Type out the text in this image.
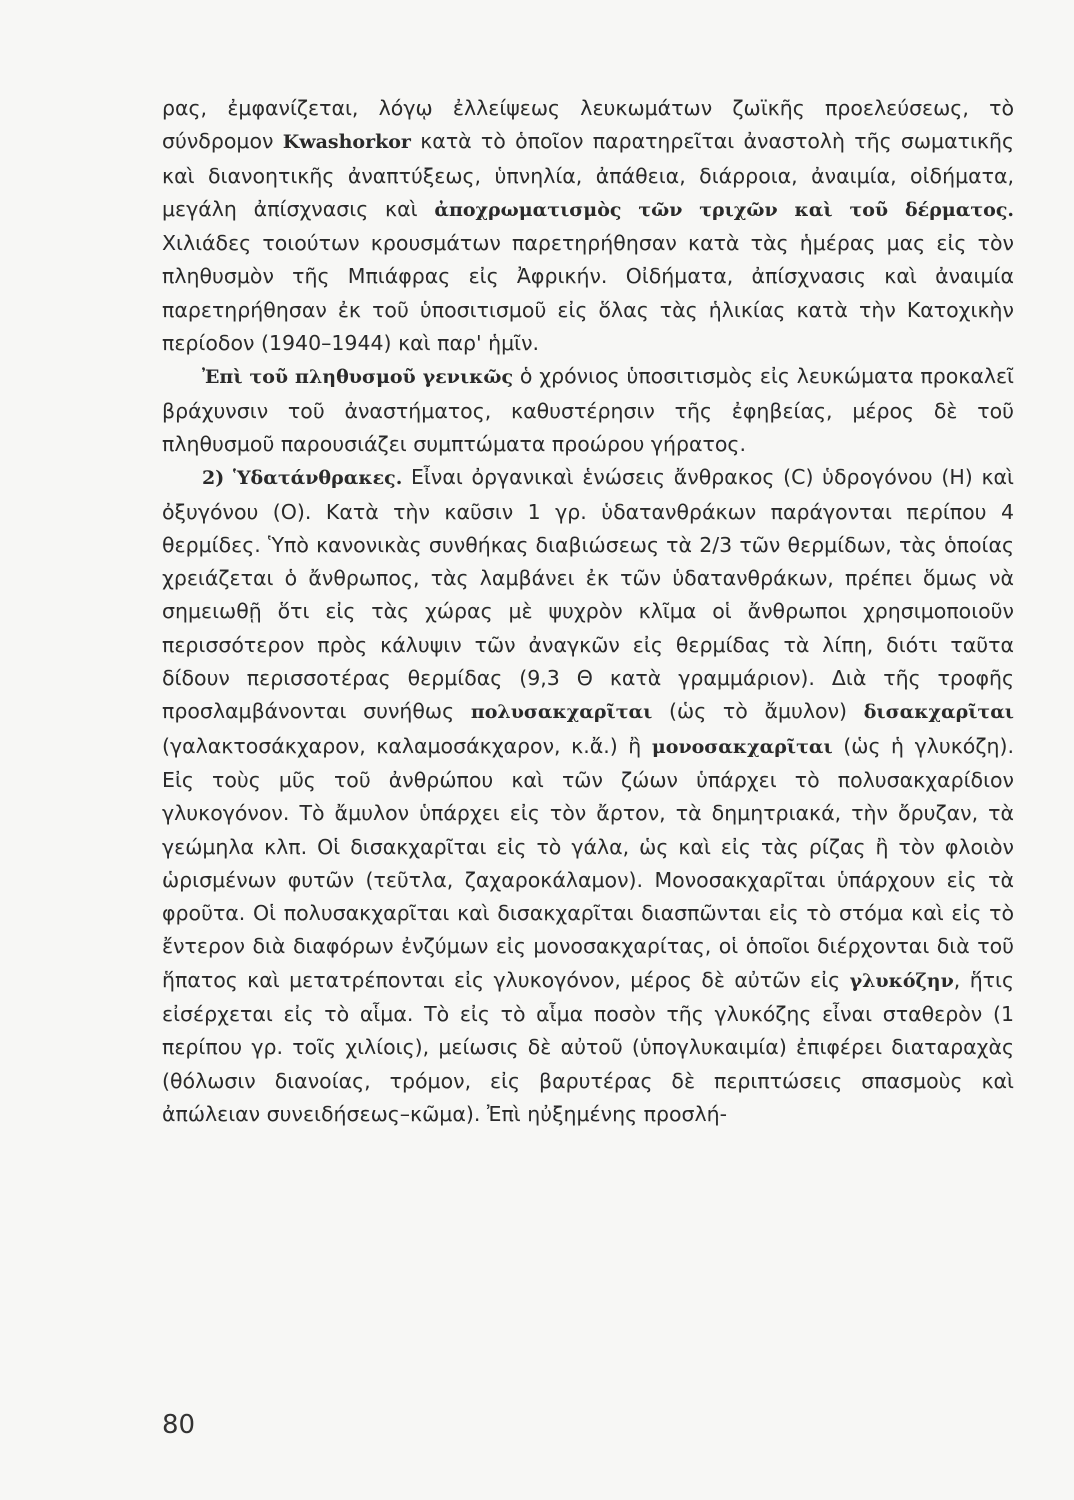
ρας, ἐμφανίζεται, λόγῳ ἐλλείψεως λευκωμάτων ζωϊκῆς προελεύσεως, τὸ σύνδρομον Kwashorkor κατὰ τὸ ὁποῖον παρατηρεῖται ἀναστολὴ τῆς σωματικῆς καὶ διανοητικῆς ἀναπτύξεως, ὑπνηλία, ἀπάθεια, διάρροια, ἀναιμία, οἰδήματα, μεγάλη ἀπίσχνασις καὶ ἀποχρωματισμὸς τῶν τριχῶν καὶ τοῦ δέρματος. Χιλιάδες τοιούτων κρουσμάτων παρετηρήθησαν κατὰ τὰς ἡμέρας μας εἰς τὸν πληθυσμὸν τῆς Μπιάφρας εἰς Ἀφρικήν. Οἰδήματα, ἀπίσχνασις καὶ ἀναιμία παρετηρήθησαν ἐκ τοῦ ὑποσιτισμοῦ εἰς ὅλας τὰς ἡλικίας κατὰ τὴν Κατοχικὴν περίοδον (1940–1944) καὶ παρ' ἡμῖν.

Ἐπὶ τοῦ πληθυσμοῦ γενικῶς ὁ χρόνιος ὑποσιτισμὸς εἰς λευκώματα προκαλεῖ βράχυνσιν τοῦ ἀναστήματος, καθυστέρησιν τῆς ἐφηβείας, μέρος δὲ τοῦ πληθυσμοῦ παρουσιάζει συμπτώματα προώρου γήρατος.

2) Ὑδατάνθρακες. Εἶναι ὀργανικαὶ ἑνώσεις ἄνθρακος (C) ὑδρογόνου (H) καὶ ὀξυγόνου (O). Κατὰ τὴν καῦσιν 1 γρ. ὑδατανθράκων παράγονται περίπου 4 θερμίδες. Ὑπὸ κανονικὰς συνθήκας διαβιώσεως τὰ 2/3 τῶν θερμίδων, τὰς ὁποίας χρειάζεται ὁ ἄνθρωπος, τὰς λαμβάνει ἐκ τῶν ὑδατανθράκων, πρέπει ὅμως νὰ σημειωθῇ ὅτι εἰς τὰς χώρας μὲ ψυχρὸν κλῖμα οἱ ἄνθρωποι χρησιμοποιοῦν περισσότερον πρὸς κάλυψιν τῶν ἀναγκῶν εἰς θερμίδας τὰ λίπη, διότι ταῦτα δίδουν περισσοτέρας θερμίδας (9,3 Θ κατὰ γραμμάριον). Διὰ τῆς τροφῆς προσλαμβάνονται συνήθως πολυσακχαρῖται (ὡς τὸ ἄμυλον) δισακχαρῖται (γαλακτοσάκχαρον, καλαμοσάκχαρον, κ.ἄ.) ἢ μονοσακχαρῖται (ὡς ἡ γλυκόζη). Εἰς τοὺς μῦς τοῦ ἀνθρώπου καὶ τῶν ζώων ὑπάρχει τὸ πολυσακχαρίδιον γλυκογόνον. Τὸ ἄμυλον ὑπάρχει εἰς τὸν ἄρτον, τὰ δημητριακά, τὴν ὄρυζαν, τὰ γεώμηλα κλπ. Οἱ δισακχαρῖται εἰς τὸ γάλα, ὡς καὶ εἰς τὰς ρίζας ἢ τὸν φλοιὸν ὡρισμένων φυτῶν (τεῦτλα, ζαχαροκάλαμον). Μονοσακχαρῖται ὑπάρχουν εἰς τὰ φροῦτα. Οἱ πολυσακχαρῖται καὶ δισακχαρῖται διασπῶνται εἰς τὸ στόμα καὶ εἰς τὸ ἔντερον διὰ διαφόρων ἐνζύμων εἰς μονοσακχαρίτας, οἱ ὁποῖοι διέρχονται διὰ τοῦ ἥπατος καὶ μετατρέπονται εἰς γλυκογόνον, μέρος δὲ αὐτῶν εἰς γλυκόζην, ἥτις εἰσέρχεται εἰς τὸ αἷμα. Τὸ εἰς τὸ αἷμα ποσὸν τῆς γλυκόζης εἶναι σταθερὸν (1 περίπου γρ. τοῖς χιλίοις), μείωσις δὲ αὐτοῦ (ὑπογλυκαιμία) ἐπιφέρει διαταραχὰς (θόλωσιν διανοίας, τρόμον, εἰς βαρυτέρας δὲ περιπτώσεις σπασμοὺς καὶ ἀπώλειαν συνειδήσεως–κῶμα). Ἐπὶ ηὐξημένης προσλή-

80
